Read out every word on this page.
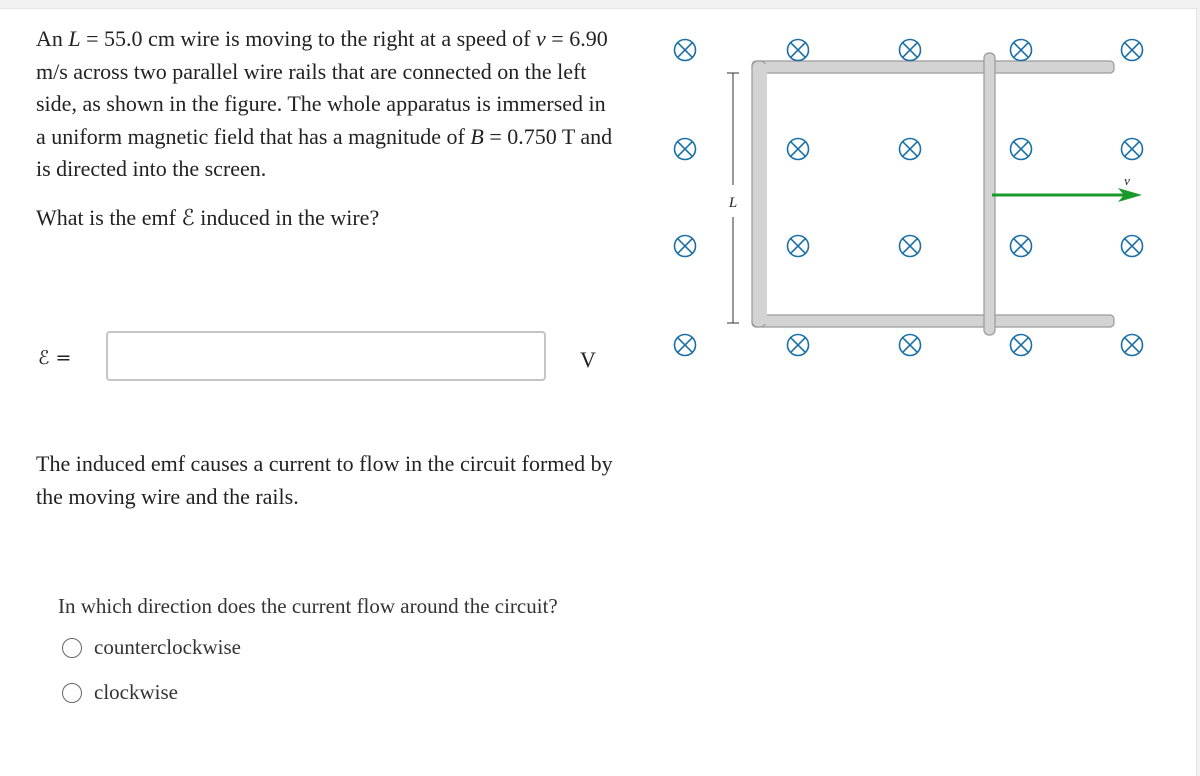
An L = 55.0 cm wire is moving to the right at a speed of v = 6.90 m/s across two parallel wire rails that are connected on the left side, as shown in the figure. The whole apparatus is immersed in a uniform magnetic field that has a magnitude of B = 0.750 T and is directed into the screen.

What is the emf ℰ induced in the wire?

ℰ =	V

The induced emf causes a current to flow in the circuit formed by the moving wire and the rails.

In which direction does the current flow around the circuit?

counterclockwise
clockwise
L
v
